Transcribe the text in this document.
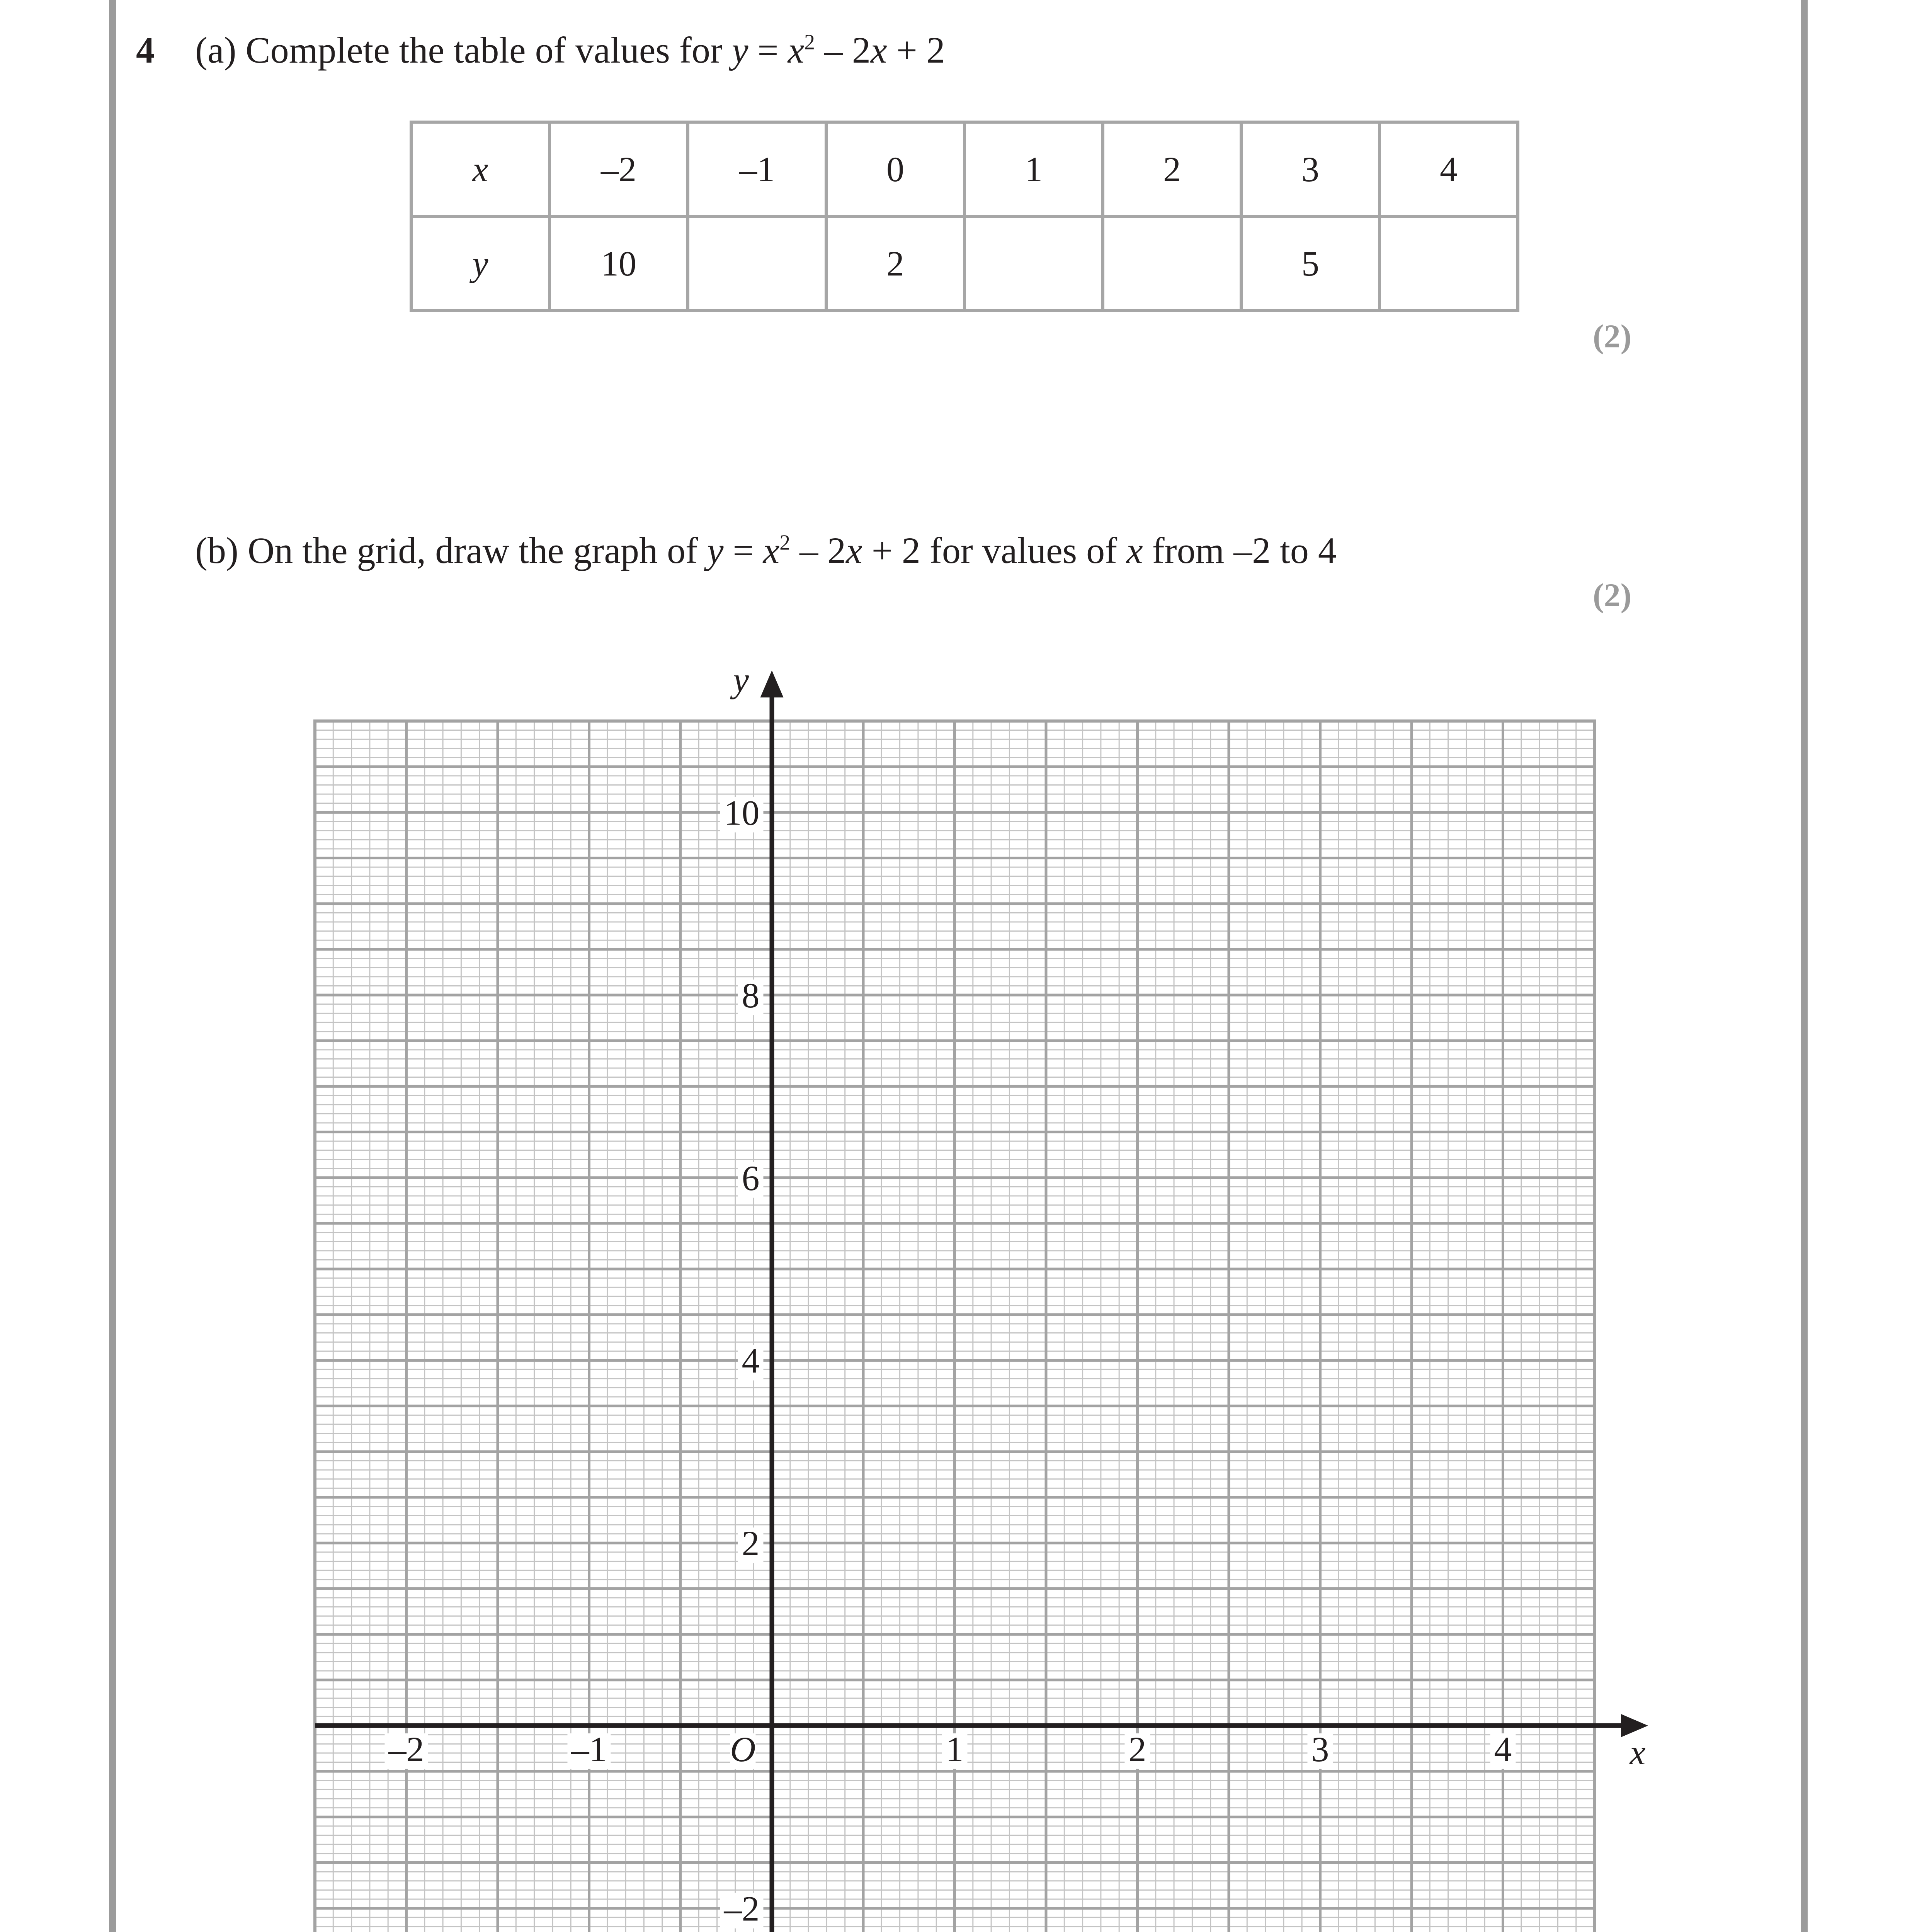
4 (a) Complete the table of values for $y = x^2 - 2x + 2$
x	–2	–1	0	1	2	3	4
y	10		2			5	
(2)
(b) On the grid, draw the graph of $y = x^2 - 2x + 2$ for values of x from –2 to 4
(2)
–2	–1	1	2	3	4
–2
2
4
6
8
10
O	x
y
